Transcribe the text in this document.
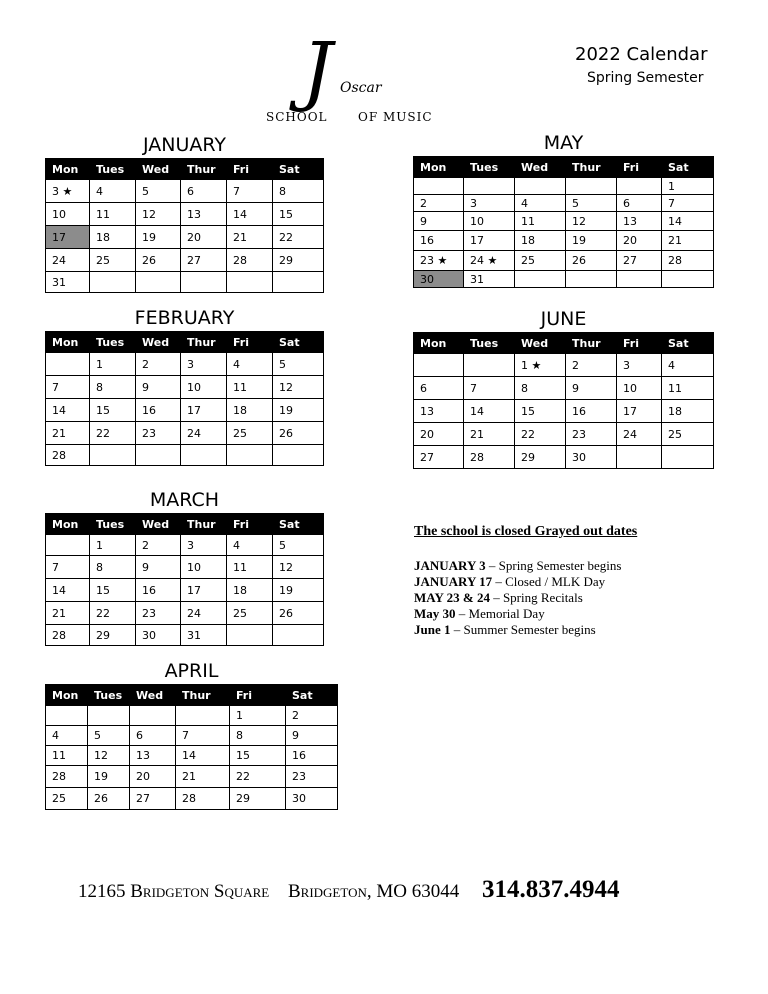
J Oscar
SCHOOL	OF MUSIC
2022 Calendar
Spring Semester
JANUARY
Mon	Tues	Wed	Thur	Fri	Sat
3 ★	4	5	6	7	8
10	11	12	13	14	15
17	18	19	20	21	22
24	25	26	27	28	29
31					
FEBRUARY
Mon	Tues	Wed	Thur	Fri	Sat
	1	2	3	4	5
7	8	9	10	11	12
14	15	16	17	18	19
21	22	23	24	25	26
28					
MARCH
Mon	Tues	Wed	Thur	Fri	Sat
	1	2	3	4	5
7	8	9	10	11	12
14	15	16	17	18	19
21	22	23	24	25	26
28	29	30	31		
APRIL
Mon	Tues	Wed	Thur	Fri	Sat
				1	2
4	5	6	7	8	9
11	12	13	14	15	16
28	19	20	21	22	23
25	26	27	28	29	30
MAY
Mon	Tues	Wed	Thur	Fri	Sat
					1
2	3	4	5	6	7
9	10	11	12	13	14
16	17	18	19	20	21
23 ★	24 ★	25	26	27	28
30	31				
JUNE
Mon	Tues	Wed	Thur	Fri	Sat
		1 ★	2	3	4
6	7	8	9	10	11
13	14	15	16	17	18
20	21	22	23	24	25
27	28	29	30		
The school is closed Grayed out dates
JANUARY 3 – Spring Semester begins
JANUARY 17 – Closed / MLK Day
MAY 23 & 24 – Spring Recitals
May 30 – Memorial Day
June 1 – Summer Semester begins
12165 Bridgeton Square Bridgeton, MO 63044 314.837.4944
